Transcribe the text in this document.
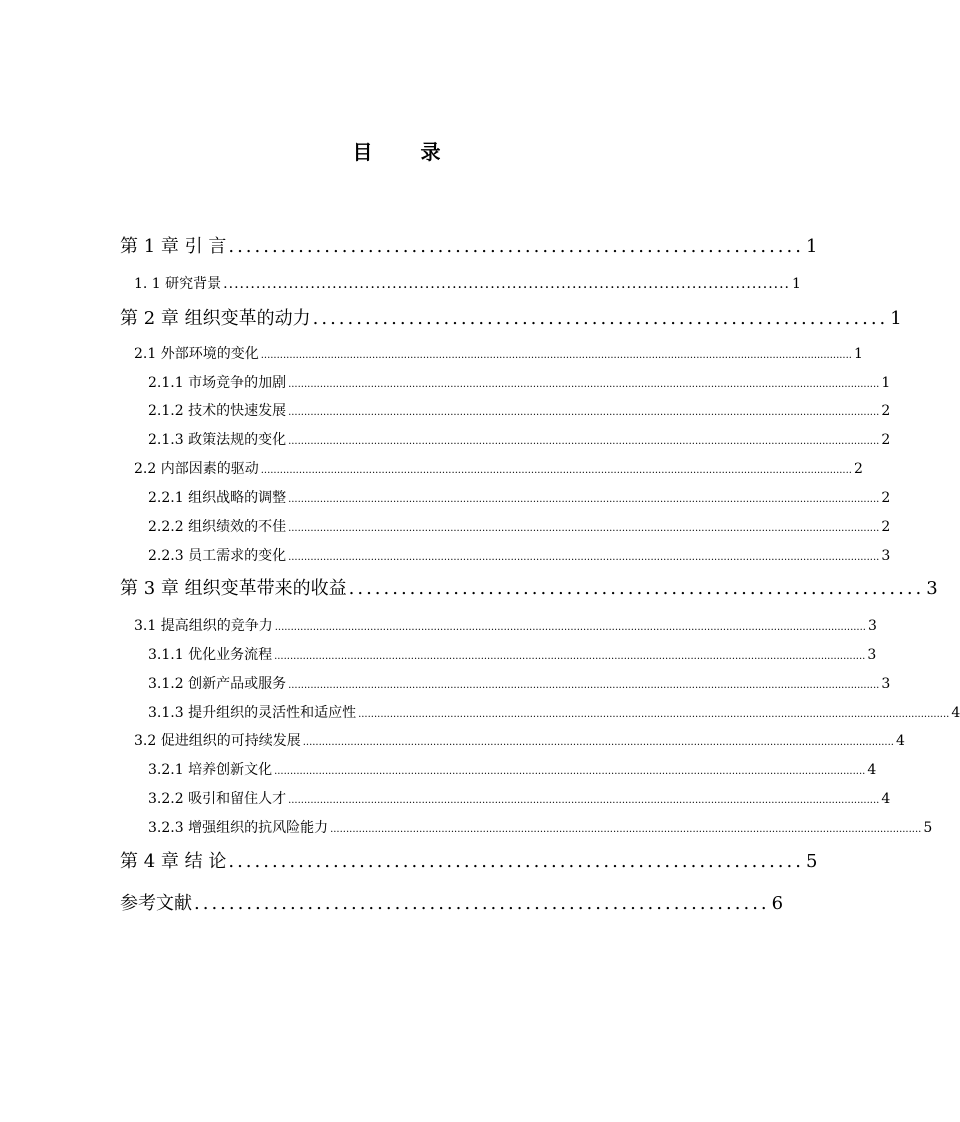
目　录
第 1 章 引 言 .................................................................. 1
1. 1 研究背景 ........................................................................................................ 1
第 2 章 组织变革的动力 .................................................................. 1
2.1 外部环境的变化 .......................................................................................................................................................................................... 1
2.1.1 市场竞争的加剧 .......................................................................................................................................................................................... 1
2.1.2 技术的快速发展 .......................................................................................................................................................................................... 2
2.1.3 政策法规的变化 .......................................................................................................................................................................................... 2
2.2 内部因素的驱动 .......................................................................................................................................................................................... 2
2.2.1 组织战略的调整 .......................................................................................................................................................................................... 2
2.2.2 组织绩效的不佳 .......................................................................................................................................................................................... 2
2.2.3 员工需求的变化 .......................................................................................................................................................................................... 3
第 3 章 组织变革带来的收益 .................................................................. 3
3.1 提高组织的竞争力 .......................................................................................................................................................................................... 3
3.1.1 优化业务流程 .......................................................................................................................................................................................... 3
3.1.2 创新产品或服务 .......................................................................................................................................................................................... 3
3.1.3 提升组织的灵活性和适应性 .......................................................................................................................................................................................... 4
3.2 促进组织的可持续发展 .......................................................................................................................................................................................... 4
3.2.1 培养创新文化 .......................................................................................................................................................................................... 4
3.2.2 吸引和留住人才 .......................................................................................................................................................................................... 4
3.2.3 增强组织的抗风险能力 .......................................................................................................................................................................................... 5
第 4 章 结 论 .................................................................. 5
参考文献 .................................................................. 6
